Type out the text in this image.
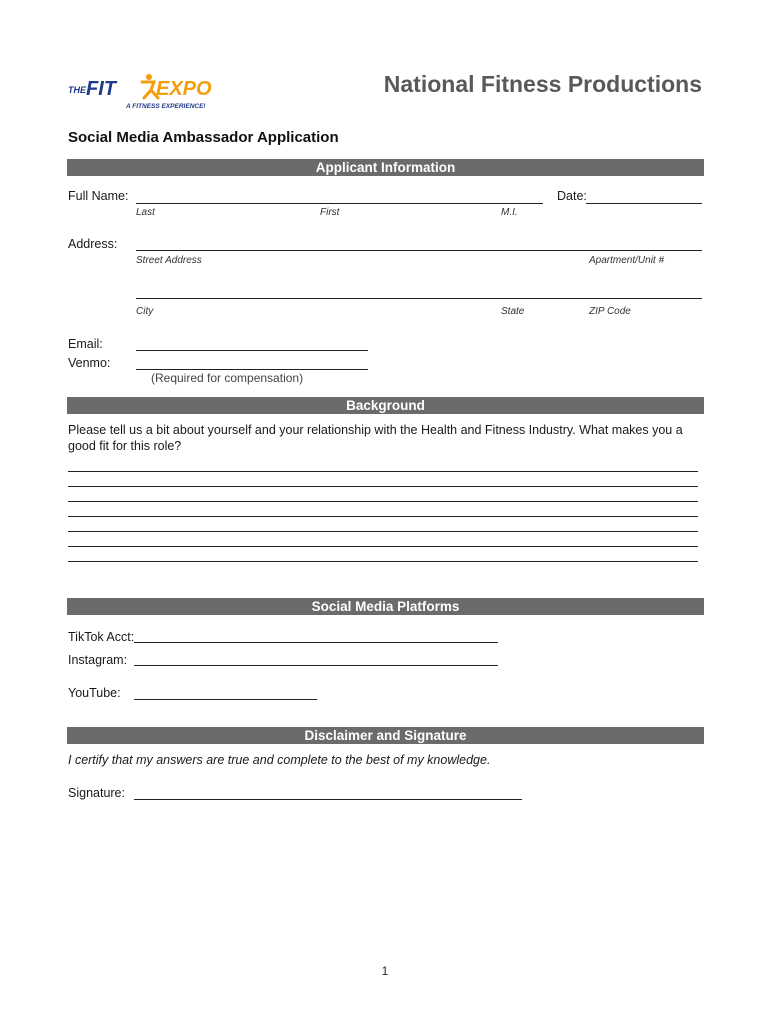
THE FIT EXPO
A FITNESS EXPERIENCE!
National Fitness Productions
Social Media Ambassador Application
Applicant Information
Full Name:	Date:
Last	First	M.I.
Address:
Street Address	Apartment/Unit #
City	State	ZIP Code
Email:
Venmo:
(Required for compensation)
Background
Please tell us a bit about yourself and your relationship with the Health and Fitness Industry. What makes you a good fit for this role?
Social Media Platforms
TikTok Acct:
Instagram:
YouTube:
Disclaimer and Signature
I certify that my answers are true and complete to the best of my knowledge.
Signature:
1
